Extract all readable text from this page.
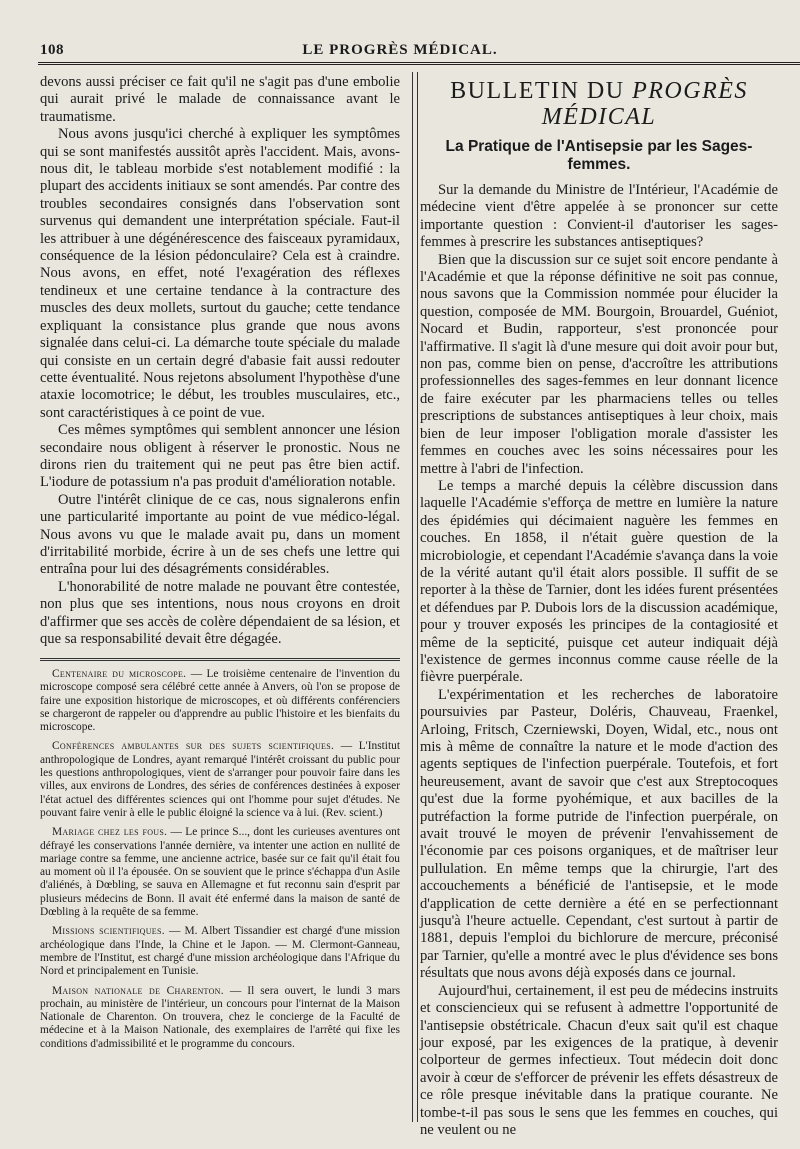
108	LE PROGRÈS MÉDICAL.

devons aussi préciser ce fait qu'il ne s'agit pas d'une embolie qui aurait privé le malade de connaissance avant le traumatisme.

Nous avons jusqu'ici cherché à expliquer les symptômes qui se sont manifestés aussitôt après l'accident. Mais, avons-nous dit, le tableau morbide s'est notablement modifié : la plupart des accidents initiaux se sont amendés. Par contre des troubles secondaires consignés dans l'observation sont survenus qui demandent une interprétation spéciale. Faut-il les attribuer à une dégénérescence des faisceaux pyramidaux, conséquence de la lésion pédonculaire? Cela est à craindre. Nous avons, en effet, noté l'exagération des réflexes tendineux et une certaine tendance à la contracture des muscles des deux mollets, surtout du gauche; cette tendance expliquant la consistance plus grande que nous avons signalée dans celui-ci. La démarche toute spéciale du malade qui consiste en un certain degré d'abasie fait aussi redouter cette éventualité. Nous rejetons absolument l'hypothèse d'une ataxie locomotrice; le début, les troubles musculaires, etc., sont caractéristiques à ce point de vue.

Ces mêmes symptômes qui semblent annoncer une lésion secondaire nous obligent à réserver le pronostic. Nous ne dirons rien du traitement qui ne peut pas être bien actif. L'iodure de potassium n'a pas produit d'amélioration notable.

Outre l'intérêt clinique de ce cas, nous signalerons enfin une particularité importante au point de vue médico-légal. Nous avons vu que le malade avait pu, dans un moment d'irritabilité morbide, écrire à un de ses chefs une lettre qui entraîna pour lui des désagréments considérables.

L'honorabilité de notre malade ne pouvant être contestée, non plus que ses intentions, nous nous croyons en droit d'affirmer que ses accès de colère dépendaient de sa lésion, et que sa responsabilité devait être dégagée.

Centenaire du microscope. — Le troisième centenaire de l'invention du microscope composé sera célébré cette année à Anvers, où l'on se propose de faire une exposition historique de microscopes, et où différents conférenciers se chargeront de rappeler ou d'apprendre au public l'histoire et les bienfaits du microscope.

Conférences ambulantes sur des sujets scientifiques. — L'Institut anthropologique de Londres, ayant remarqué l'intérêt croissant du public pour les questions anthropologiques, vient de s'arranger pour pouvoir faire dans les villes, aux environs de Londres, des séries de conférences destinées à exposer l'état actuel des différentes sciences qui ont l'homme pour sujet d'études. Ne pouvant faire venir à elle le public éloigné la science va à lui. (Rev. scient.)

Mariage chez les fous. — Le prince S..., dont les curieuses aventures ont défrayé les conservations l'année dernière, va intenter une action en nullité de mariage contre sa femme, une ancienne actrice, basée sur ce fait qu'il était fou au moment où il l'a épousée. On se souvient que le prince s'échappa d'un Asile d'aliénés, à Dœbling, se sauva en Allemagne et fut reconnu sain d'esprit par plusieurs médecins de Bonn. Il avait été enfermé dans la maison de santé de Dœbling à la requête de sa femme.

Missions scientifiques. — M. Albert Tissandier est chargé d'une mission archéologique dans l'Inde, la Chine et le Japon. — M. Clermont-Ganneau, membre de l'Institut, est chargé d'une mission archéologique dans l'Afrique du Nord et principalement en Tunisie.

Maison nationale de Charenton. — Il sera ouvert, le lundi 3 mars prochain, au ministère de l'intérieur, un concours pour l'internat de la Maison Nationale de Charenton. On trouvera, chez le concierge de la Faculté de médecine et à la Maison Nationale, des exemplaires de l'arrêté qui fixe les conditions d'admissibilité et le programme du concours.

BULLETIN DU PROGRÈS MÉDICAL
La Pratique de l'Antisepsie par les Sages-femmes.

Sur la demande du Ministre de l'Intérieur, l'Académie de médecine vient d'être appelée à se prononcer sur cette importante question : Convient-il d'autoriser les sages-femmes à prescrire les substances antiseptiques?

Bien que la discussion sur ce sujet soit encore pendante à l'Académie et que la réponse définitive ne soit pas connue, nous savons que la Commission nommée pour élucider la question, composée de MM. Bourgoin, Brouardel, Guéniot, Nocard et Budin, rapporteur, s'est prononcée pour l'affirmative. Il s'agit là d'une mesure qui doit avoir pour but, non pas, comme bien on pense, d'accroître les attributions professionnelles des sages-femmes en leur donnant licence de faire exécuter par les pharmaciens telles ou telles prescriptions de substances antiseptiques à leur choix, mais bien de leur imposer l'obligation morale d'assister les femmes en couches avec les soins nécessaires pour les mettre à l'abri de l'infection.

Le temps a marché depuis la célèbre discussion dans laquelle l'Académie s'efforça de mettre en lumière la nature des épidémies qui décimaient naguère les femmes en couches. En 1858, il n'était guère question de la microbiologie, et cependant l'Académie s'avança dans la voie de la vérité autant qu'il était alors possible. Il suffit de se reporter à la thèse de Tarnier, dont les idées furent présentées et défendues par P. Dubois lors de la discussion académique, pour y trouver exposés les principes de la contagiosité et même de la septicité, puisque cet auteur indiquait déjà l'existence de germes inconnus comme cause réelle de la fièvre puerpérale.

L'expérimentation et les recherches de laboratoire poursuivies par Pasteur, Doléris, Chauveau, Fraenkel, Arloing, Fritsch, Czerniewski, Doyen, Widal, etc., nous ont mis à même de connaître la nature et le mode d'action des agents septiques de l'infection puerpérale. Toutefois, et fort heureusement, avant de savoir que c'est aux Streptocoques qu'est due la forme pyohémique, et aux bacilles de la putréfaction la forme putride de l'infection puerpérale, on avait trouvé le moyen de prévenir l'envahissement de l'économie par ces poisons organiques, et de maîtriser leur pullulation. En même temps que la chirurgie, l'art des accouchements a bénéficié de l'antisepsie, et le mode d'application de cette dernière a été en se perfectionnant jusqu'à l'heure actuelle. Cependant, c'est surtout à partir de 1881, depuis l'emploi du bichlorure de mercure, préconisé par Tarnier, qu'elle a montré avec le plus d'évidence ses bons résultats que nous avons déjà exposés dans ce journal.

Aujourd'hui, certainement, il est peu de médecins instruits et consciencieux qui se refusent à admettre l'opportunité de l'antisepsie obstétricale. Chacun d'eux sait qu'il est chaque jour exposé, par les exigences de la pratique, à devenir colporteur de germes infectieux. Tout médecin doit donc avoir à cœur de s'efforcer de prévenir les effets désastreux de ce rôle presque inévitable dans la pratique courante. Ne tombe-t-il pas sous le sens que les femmes en couches, qui ne veulent ou ne
